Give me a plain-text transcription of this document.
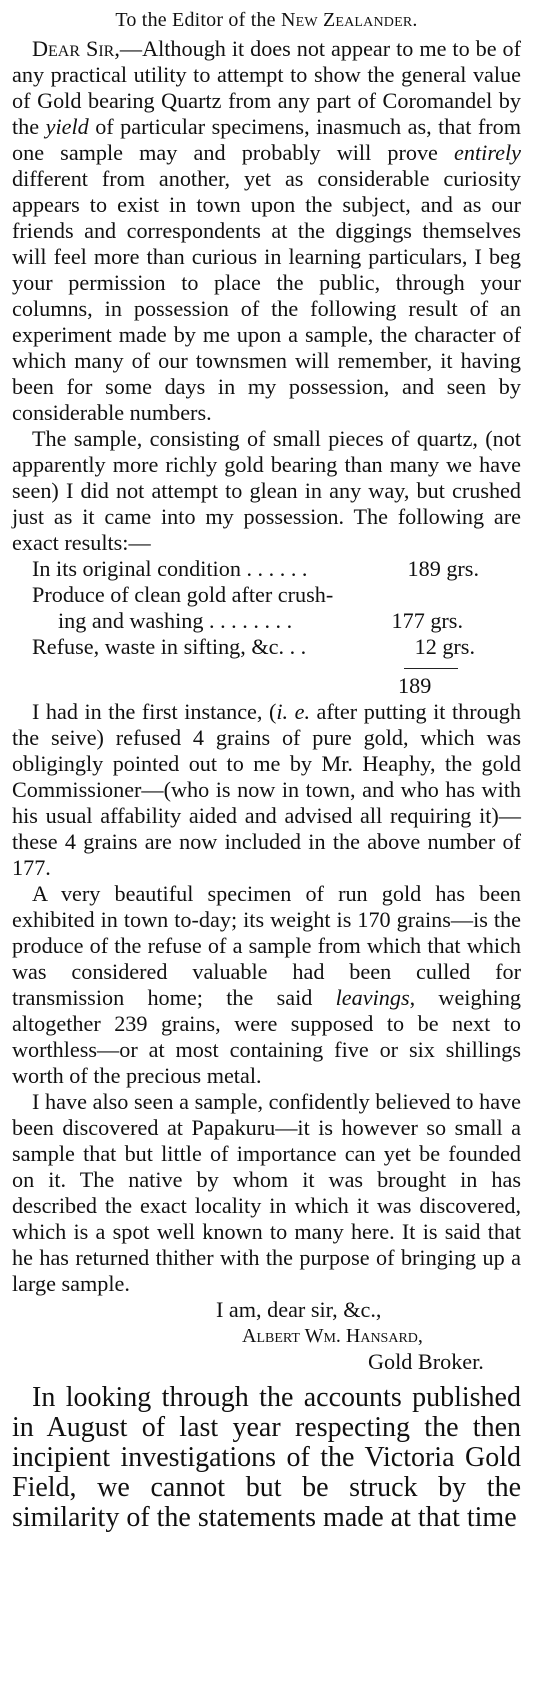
To the Editor of the New Zealander.

Dear Sir,—Although it does not appear to me to be of any practical utility to attempt to show the general value of Gold bearing Quartz from any part of Coromandel by the yield of particular specimens, inasmuch as, that from one sample may and probably will prove entirely different from another, yet as considerable curiosity appears to exist in town upon the subject, and as our friends and correspondents at the diggings themselves will feel more than curious in learning particulars, I beg your permission to place the public, through your columns, in possession of the following result of an experiment made by me upon a sample, the character of which many of our townsmen will remember, it having been for some days in my possession, and seen by considerable numbers.

The sample, consisting of small pieces of quartz, (not apparently more richly gold bearing than many we have seen) I did not attempt to glean in any way, but crushed just as it came into my possession. The following are exact results:—

In its original condition . . . . . .	189 grs.
Produce of clean gold after crush-
ing and washing . . . . . . . .	177 grs.
Refuse, waste in sifting, &c. . .	12 grs.

189

I had in the first instance, (i. e. after putting it through the seive) refused 4 grains of pure gold, which was obligingly pointed out to me by Mr. Heaphy, the gold Commissioner—(who is now in town, and who has with his usual affability aided and advised all requiring it)—these 4 grains are now included in the above number of 177.

A very beautiful specimen of run gold has been exhibited in town to-day; its weight is 170 grains—is the produce of the refuse of a sample from which that which was considered valuable had been culled for transmission home; the said leavings, weighing altogether 239 grains, were supposed to be next to worthless—or at most containing five or six shillings worth of the precious metal.

I have also seen a sample, confidently believed to have been discovered at Papakuru—it is however so small a sample that but little of importance can yet be founded on it. The native by whom it was brought in has described the exact locality in which it was discovered, which is a spot well known to many here. It is said that he has returned thither with the purpose of bringing up a large sample.

I am, dear sir, &c.,
Albert Wm. Hansard,
Gold Broker.

In looking through the accounts published in August of last year respecting the then incipient investigations of the Victoria Gold Field, we cannot but be struck by the similarity of the statements made at that time
